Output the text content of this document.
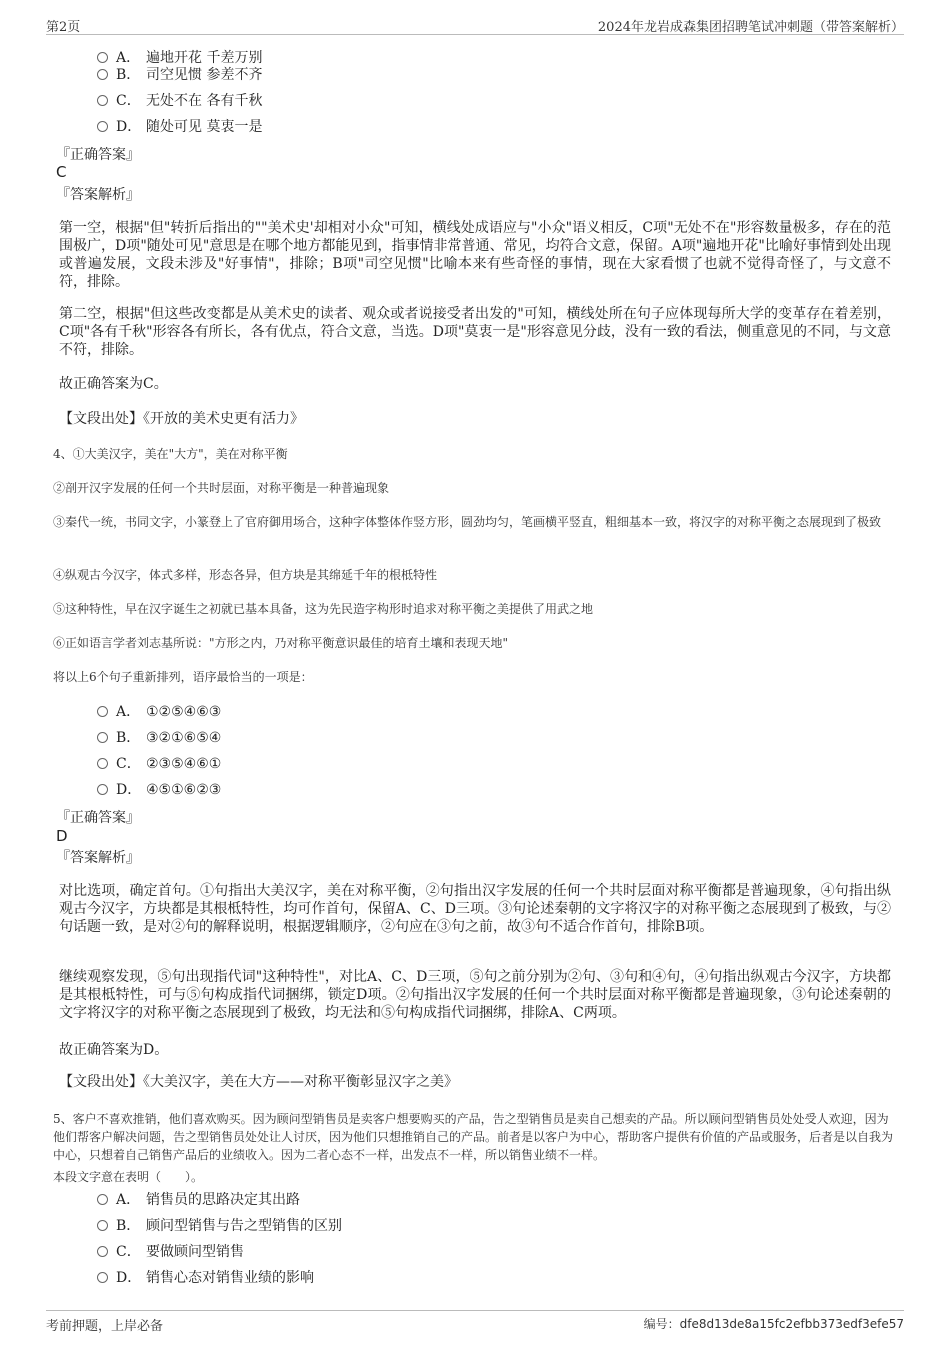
第2页	2024年龙岩成森集团招聘笔试冲刺题（带答案解析）
A． 遍地开花 千差万别
B． 司空见惯 参差不齐
C． 无处不在 各有千秋
D． 随处可见 莫衷一是
『正确答案』
C
『答案解析』
第一空，根据"但"转折后指出的""美术史'却相对小众"可知，横线处成语应与"小众"语义相反，C项"无处不在"形容数量极多，存在的范围极广，D项"随处可见"意思是在哪个地方都能见到，指事情非常普通、常见，均符合文意，保留。A项"遍地开花"比喻好事情到处出现或普遍发展，文段未涉及"好事情"，排除；B项"司空见惯"比喻本来有些奇怪的事情，现在大家看惯了也就不觉得奇怪了，与文意不符，排除。
第二空，根据"但这些改变都是从美术史的读者、观众或者说接受者出发的"可知，横线处所在句子应体现每所大学的变革存在着差别，C项"各有千秋"形容各有所长，各有优点，符合文意，当选。D项"莫衷一是"形容意见分歧，没有一致的看法，侧重意见的不同，与文意不符，排除。
故正确答案为C。
【文段出处】《开放的美术史更有活力》
4、①大美汉字，美在"大方"，美在对称平衡
②剖开汉字发展的任何一个共时层面，对称平衡是一种普遍现象
③秦代一统，书同文字，小篆登上了官府御用场合，这种字体整体作竖方形，圆劲均匀，笔画横平竖直，粗细基本一致，将汉字的对称平衡之态展现到了极致
④纵观古今汉字，体式多样，形态各异，但方块是其绵延千年的根柢特性
⑤这种特性，早在汉字诞生之初就已基本具备，这为先民造字构形时追求对称平衡之美提供了用武之地
⑥正如语言学者刘志基所说："方形之内，乃对称平衡意识最佳的培育土壤和表现天地"
将以上6个句子重新排列，语序最恰当的一项是：
A． ①②⑤④⑥③
B． ③②①⑥⑤④
C． ②③⑤④⑥①
D． ④⑤①⑥②③
『正确答案』
D
『答案解析』
对比选项，确定首句。①句指出大美汉字，美在对称平衡，②句指出汉字发展的任何一个共时层面对称平衡都是普遍现象，④句指出纵观古今汉字，方块都是其根柢特性，均可作首句，保留A、C、D三项。③句论述秦朝的文字将汉字的对称平衡之态展现到了极致，与②句话题一致，是对②句的解释说明，根据逻辑顺序，②句应在③句之前，故③句不适合作首句，排除B项。
继续观察发现，⑤句出现指代词"这种特性"，对比A、C、D三项，⑤句之前分别为②句、③句和④句，④句指出纵观古今汉字，方块都是其根柢特性，可与⑤句构成指代词捆绑，锁定D项。②句指出汉字发展的任何一个共时层面对称平衡都是普遍现象，③句论述秦朝的文字将汉字的对称平衡之态展现到了极致，均无法和⑤句构成指代词捆绑，排除A、C两项。
故正确答案为D。
【文段出处】《大美汉字，美在大方——对称平衡彰显汉字之美》
5、客户不喜欢推销，他们喜欢购买。因为顾问型销售员是卖客户想要购买的产品，告之型销售员是卖自己想卖的产品。所以顾问型销售员处处受人欢迎，因为他们帮客户解决问题，告之型销售员处处让人讨厌，因为他们只想推销自己的产品。前者是以客户为中心，帮助客户提供有价值的产品或服务，后者是以自我为中心，只想着自己销售产品后的业绩收入。因为二者心态不一样，出发点不一样，所以销售业绩不一样。
本段文字意在表明（　　）。
A． 销售员的思路决定其出路
B． 顾问型销售与告之型销售的区别
C． 要做顾问型销售
D． 销售心态对销售业绩的影响
考前押题，上岸必备	编号：dfe8d13de8a15fc2efbb373edf3efe57
